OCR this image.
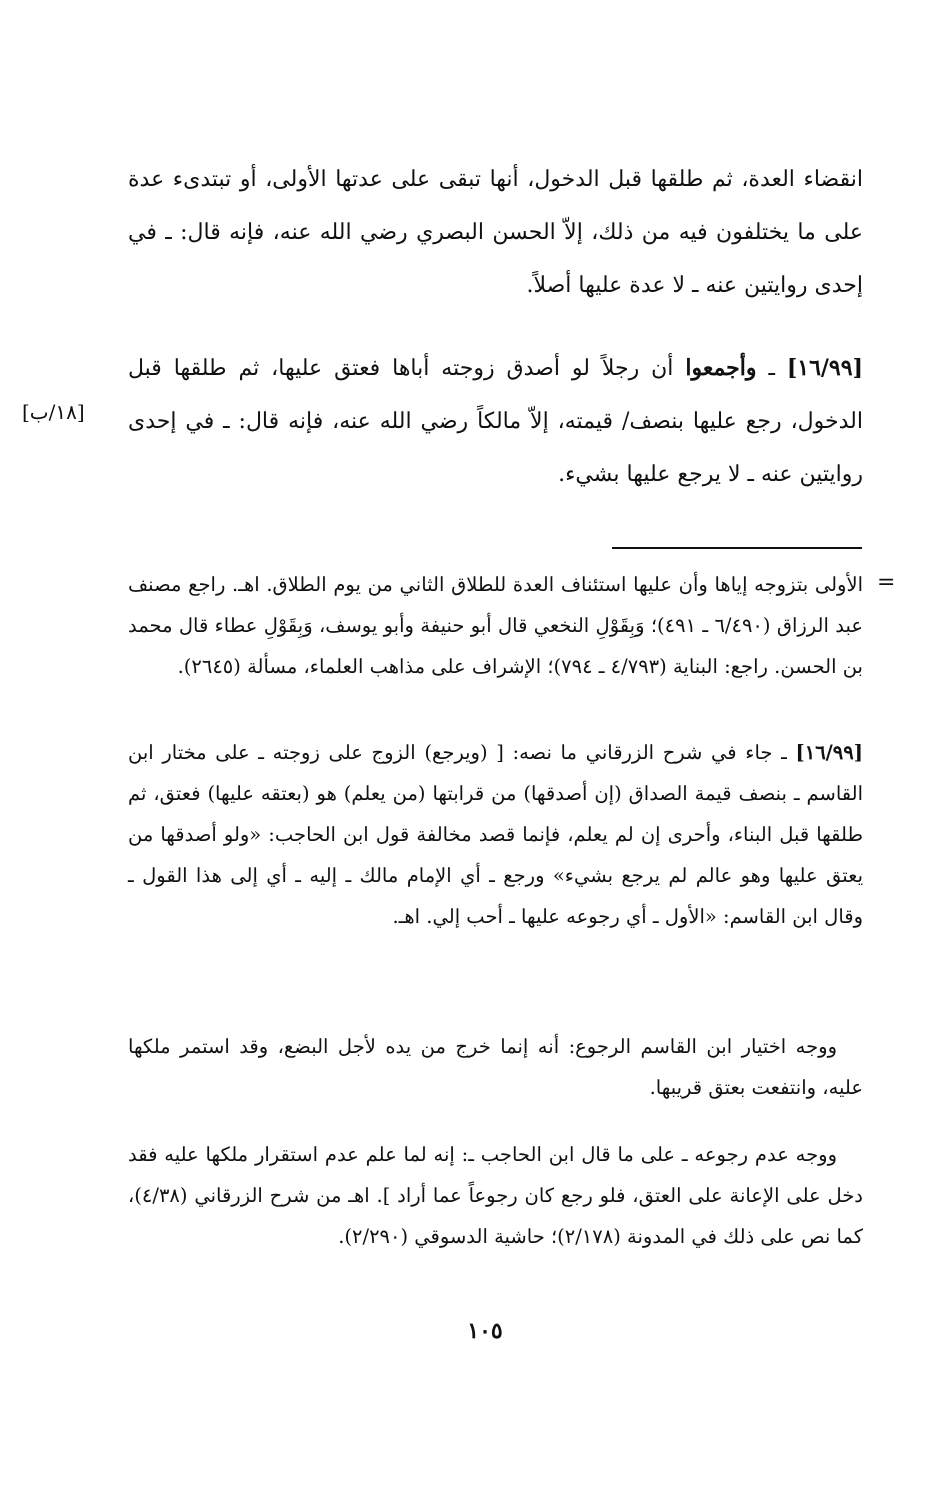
انقضاء العدة، ثم طلقها قبل الدخول، أنها تبقى على عدتها الأولى، أو تبتدىء عدة على ما يختلفون فيه من ذلك، إلاّ الحسن البصري رضي الله عنه، فإنه قال: ـ في إحدى روايتين عنه ـ لا عدة عليها أصلاً.

[١٦/٩٩] ـ وأجمعوا أن رجلاً لو أصدق زوجته أباها فعتق عليها، ثم طلقها قبل الدخول، رجع عليها بنصف/ قيمته، إلاّ مالكاً رضي الله عنه، فإنه قال: ـ في إحدى روايتين عنه ـ لا يرجع عليها بشيء.

[١٨/ب]
=

الأولى بتزوجه إياها وأن عليها استئناف العدة للطلاق الثاني من يوم الطلاق. اهـ. راجع مصنف عبد الرزاق (٦/٤٩٠ ـ ٤٩١)؛ وَبِقَوْلِ النخعي قال أبو حنيفة وأبو يوسف، وَبِقَوْلِ عطاء قال محمد بن الحسن. راجع: البناية (٤/٧٩٣ ـ ٧٩٤)؛ الإشراف على مذاهب العلماء، مسألة (٢٦٤٥).

[١٦/٩٩] ـ جاء في شرح الزرقاني ما نصه: [ (ويرجع) الزوج على زوجته ـ على مختار ابن القاسم ـ بنصف قيمة الصداق (إن أصدقها) من قرابتها (من يعلم) هو (بعتقه عليها) فعتق، ثم طلقها قبل البناء، وأحرى إن لم يعلم، فإنما قصد مخالفة قول ابن الحاجب: «ولو أصدقها من يعتق عليها وهو عالم لم يرجع بشيء» ورجع ـ أي الإمام مالك ـ إليه ـ أي إلى هذا القول ـ وقال ابن القاسم: «الأول ـ أي رجوعه عليها ـ أحب إلي. اهـ.

ووجه اختيار ابن القاسم الرجوع: أنه إنما خرج من يده لأجل البضع، وقد استمر ملكها عليه، وانتفعت بعتق قريبها.

ووجه عدم رجوعه ـ على ما قال ابن الحاجب ـ: إنه لما علم عدم استقرار ملكها عليه فقد دخل على الإعانة على العتق، فلو رجع كان رجوعاً عما أراد ]. اهـ من شرح الزرقاني (٤/٣٨)، كما نص على ذلك في المدونة (٢/١٧٨)؛ حاشية الدسوقي (٢/٢٩٠).

١٠٥
